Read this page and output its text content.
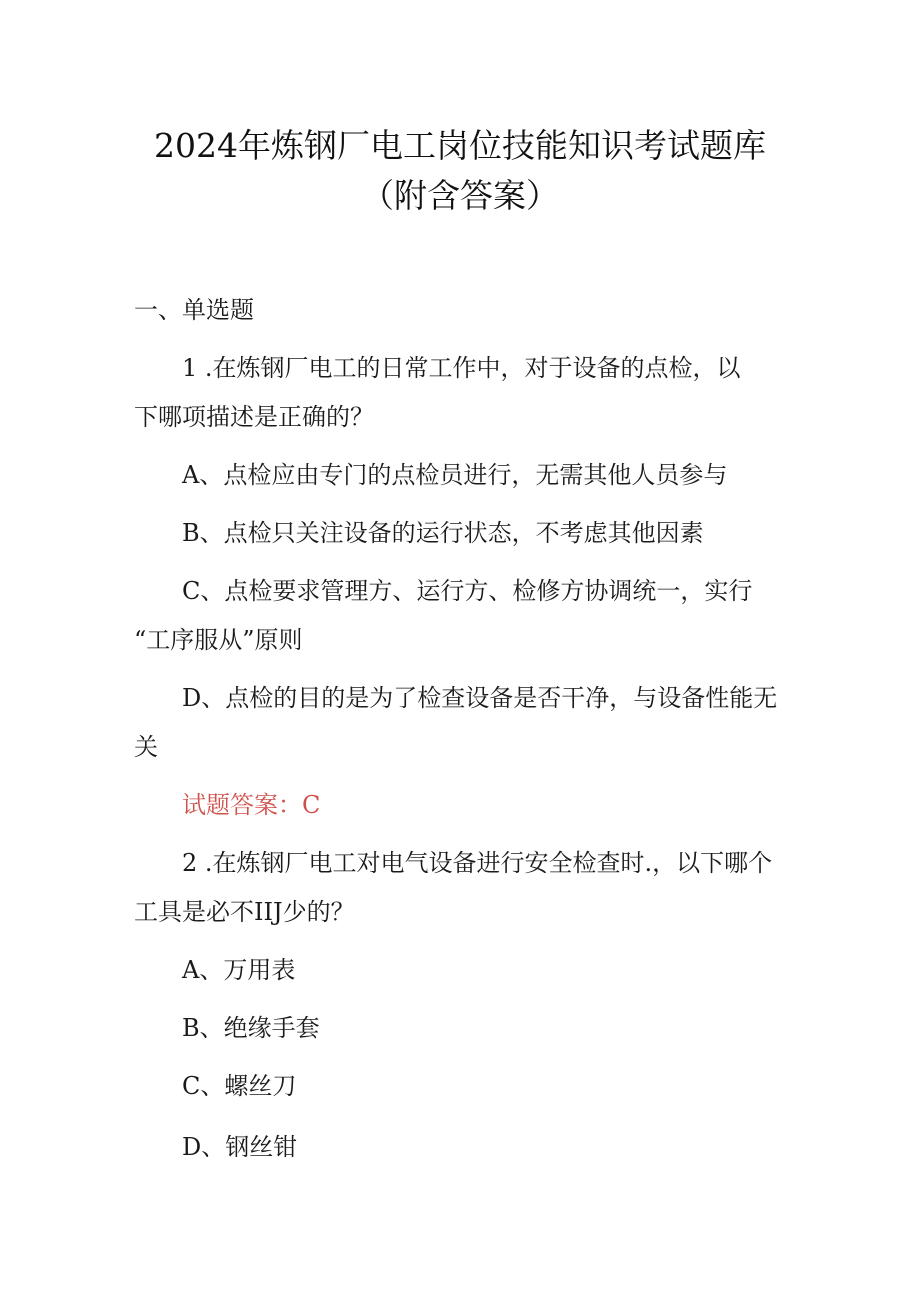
2024年炼钢厂电工岗位技能知识考试题库
（附含答案）
一、单选题
1 .在炼钢厂电工的日常工作中，对于设备的点检，以
下哪项描述是正确的？
A、点检应由专门的点检员进行，无需其他人员参与
B、点检只关注设备的运行状态，不考虑其他因素
C、点检要求管理方、运行方、检修方协调统一，实行
“工序服从”原则
D、点检的目的是为了检查设备是否干净，与设备性能无
关
试题答案：C
2 .在炼钢厂电工对电气设备进行安全检查时.，以下哪个
工具是必不IIJ少的？
A、万用表
B、绝缘手套
C、螺丝刀
D、钢丝钳
